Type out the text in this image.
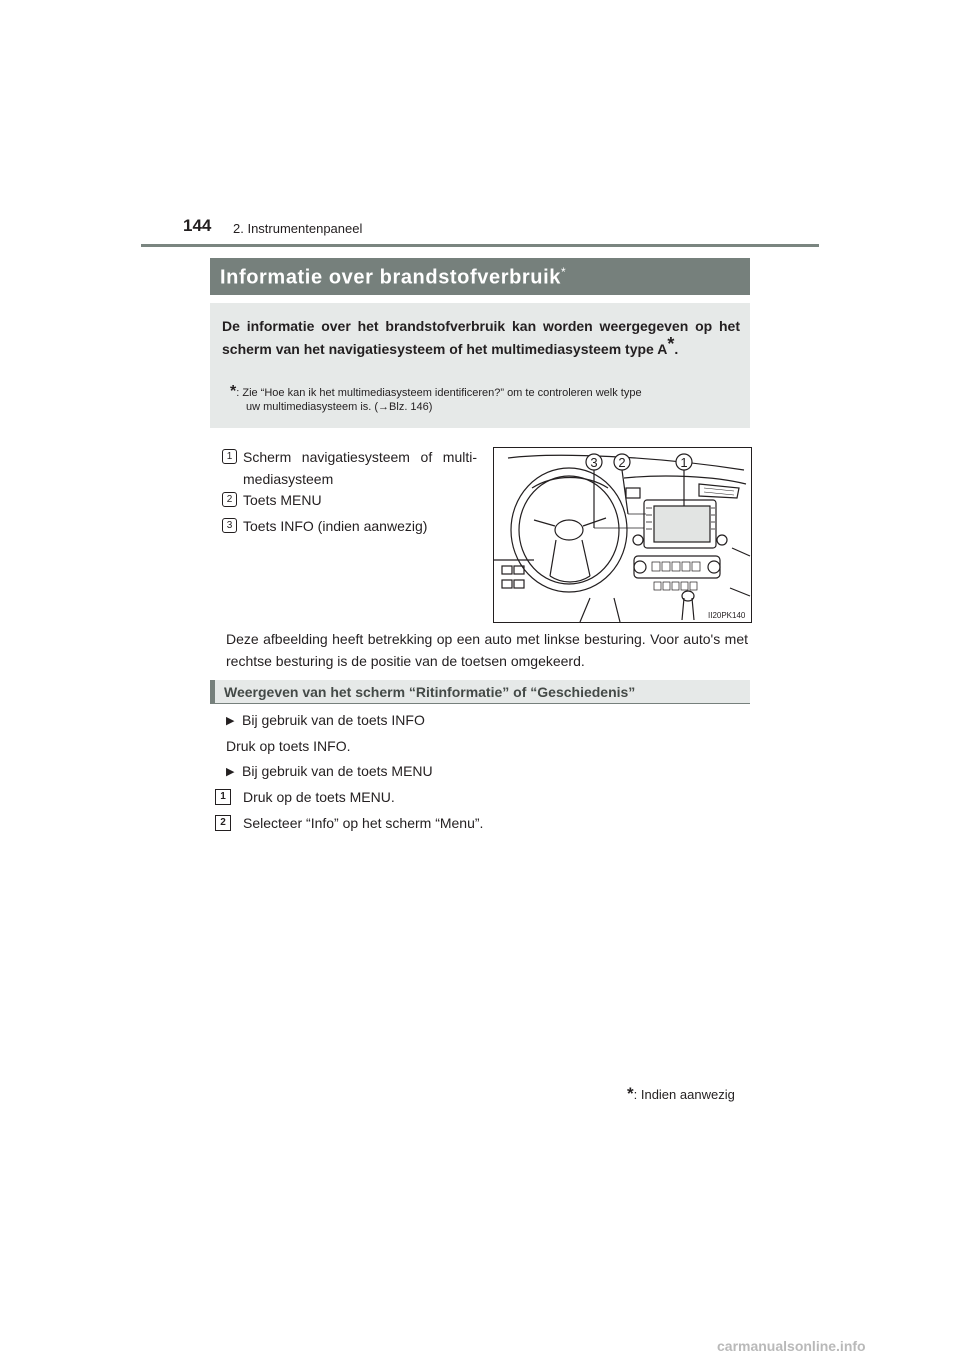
144 2. Instrumentenpaneel
Informatie over brandstofverbruik*
De informatie over het brandstofverbruik kan worden weergegeven op het scherm van het navigatiesysteem of het multimediasysteem type A*.
*: Zie “Hoe kan ik het multimediasysteem identificeren?” om te controleren welk type
uw multimediasysteem is. (→Blz. 146)
1 Scherm navigatiesysteem of multi-mediasysteem
2 Toets MENU
3 Toets INFO (indien aanwezig)
3 2	1
II20PK140
Deze afbeelding heeft betrekking op een auto met linkse besturing. Voor auto's met rechtse besturing is de positie van de toetsen omgekeerd.
Weergeven van het scherm “Ritinformatie” of “Geschiedenis”
▶ Bij gebruik van de toets INFO
Druk op toets INFO.
▶ Bij gebruik van de toets MENU
1	Druk op de toets MENU.
2	Selecteer “Info” op het scherm “Menu”.
*: Indien aanwezig
carmanualsonline.info
